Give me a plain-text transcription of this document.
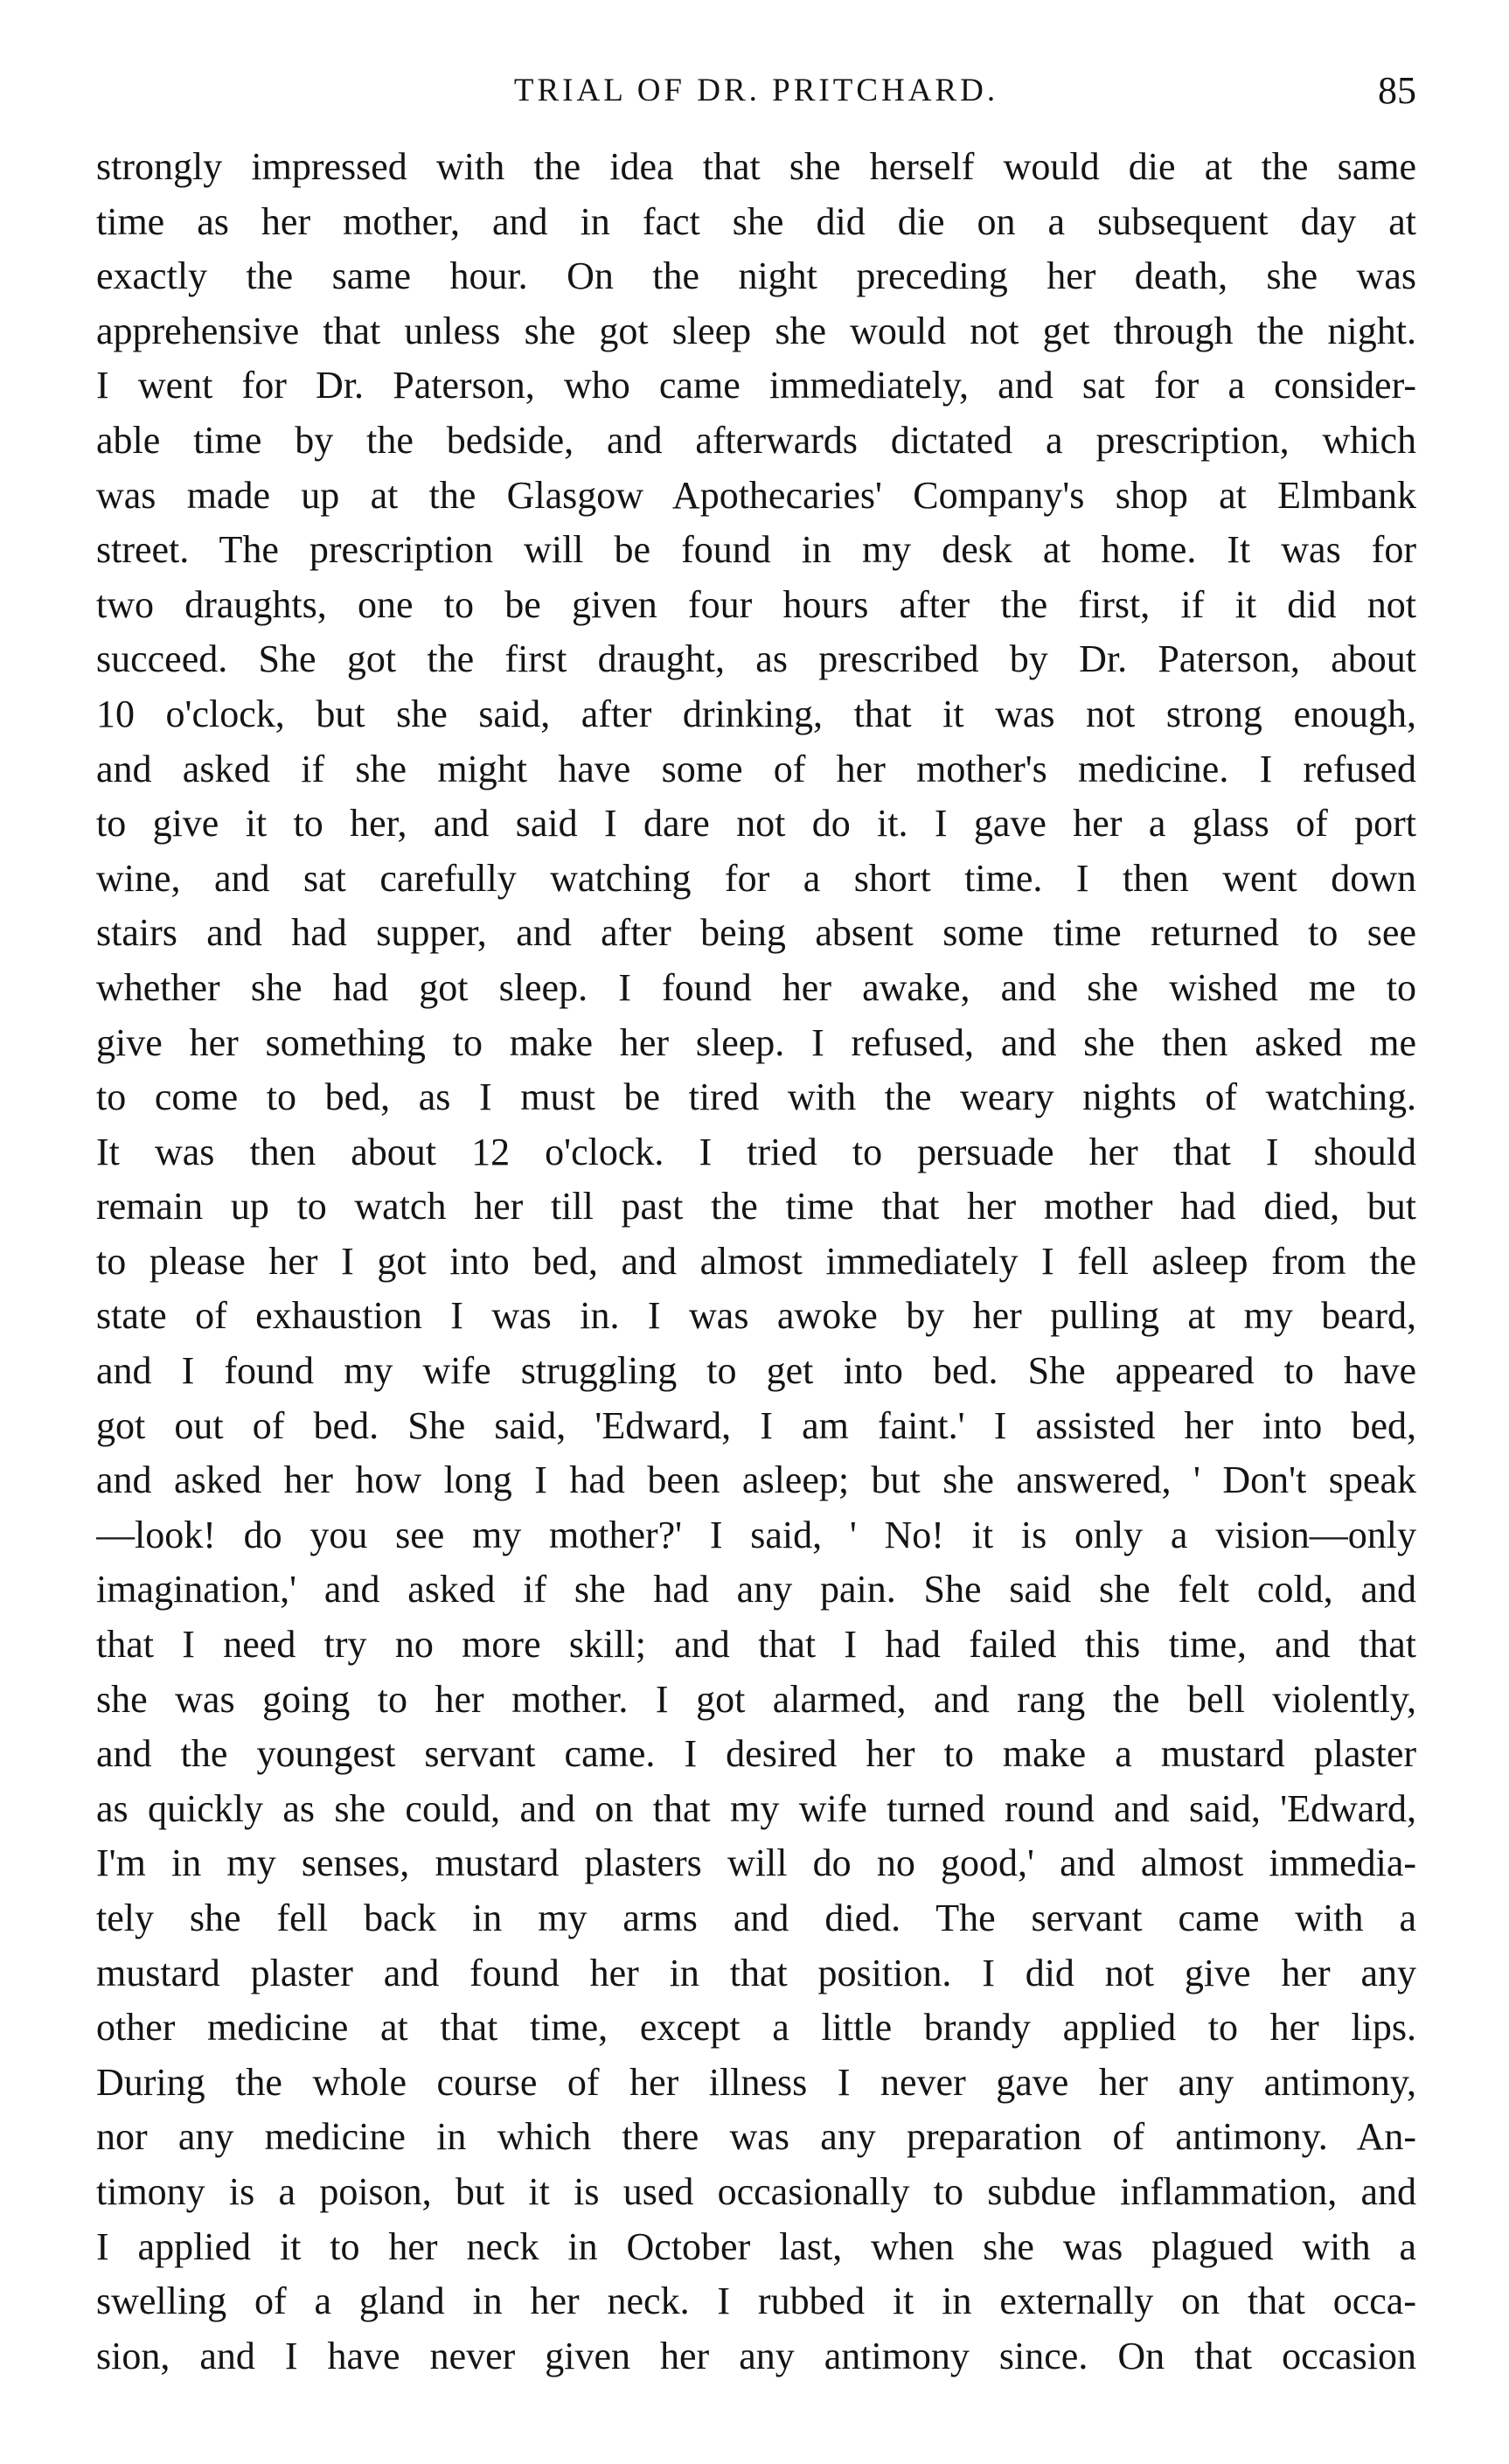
TRIAL OF DR. PRITCHARD.	85
strongly impressed with the idea that she herself would die at the same
time as her mother, and in fact she did die on a subsequent day at
exactly the same hour. On the night preceding her death, she was
apprehensive that unless she got sleep she would not get through the night.
I went for Dr. Paterson, who came immediately, and sat for a consider-
able time by the bedside, and afterwards dictated a prescription, which
was made up at the Glasgow Apothecaries' Company's shop at Elmbank
street. The prescription will be found in my desk at home. It was for
two draughts, one to be given four hours after the first, if it did not
succeed. She got the first draught, as prescribed by Dr. Paterson, about
10 o'clock, but she said, after drinking, that it was not strong enough,
and asked if she might have some of her mother's medicine. I refused
to give it to her, and said I dare not do it. I gave her a glass of port
wine, and sat carefully watching for a short time. I then went down
stairs and had supper, and after being absent some time returned to see
whether she had got sleep. I found her awake, and she wished me to
give her something to make her sleep. I refused, and she then asked me
to come to bed, as I must be tired with the weary nights of watching.
It was then about 12 o'clock. I tried to persuade her that I should
remain up to watch her till past the time that her mother had died, but
to please her I got into bed, and almost immediately I fell asleep from the
state of exhaustion I was in. I was awoke by her pulling at my beard,
and I found my wife struggling to get into bed. She appeared to have
got out of bed. She said, 'Edward, I am faint.' I assisted her into bed,
and asked her how long I had been asleep; but she answered, ' Don't speak
—look! do you see my mother?' I said, ' No! it is only a vision—only
imagination,' and asked if she had any pain. She said she felt cold, and
that I need try no more skill; and that I had failed this time, and that
she was going to her mother. I got alarmed, and rang the bell violently,
and the youngest servant came. I desired her to make a mustard plaster
as quickly as she could, and on that my wife turned round and said, 'Edward,
I'm in my senses, mustard plasters will do no good,' and almost immedia-
tely she fell back in my arms and died. The servant came with a
mustard plaster and found her in that position. I did not give her any
other medicine at that time, except a little brandy applied to her lips.
During the whole course of her illness I never gave her any antimony,
nor any medicine in which there was any preparation of antimony. An-
timony is a poison, but it is used occasionally to subdue inflammation, and
I applied it to her neck in October last, when she was plagued with a
swelling of a gland in her neck. I rubbed it in externally on that occa-
sion, and I have never given her any antimony since. On that occasion
